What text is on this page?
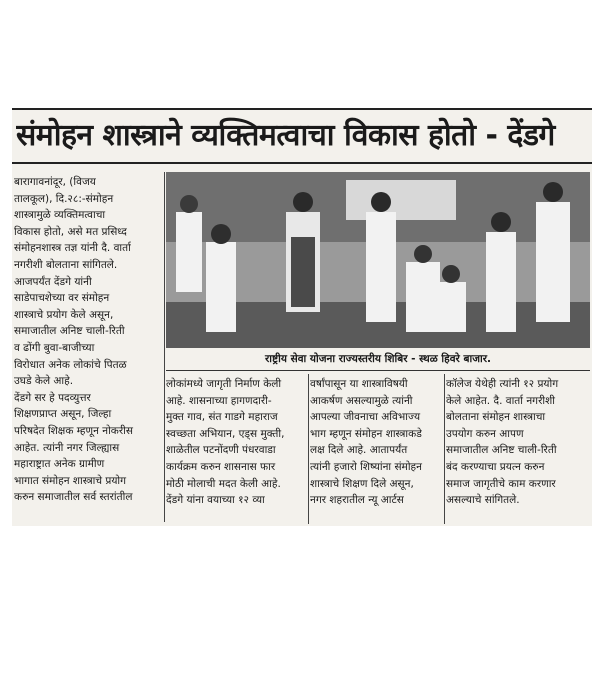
संमोहन शास्त्राने व्यक्तिमत्वाचा विकास होतो - देंडगे

बारागावनांदूर, (विजय

तालकूल), दि.२८:-संमोहन

शास्त्रामुळे व्यक्तिमत्वाचा

विकास होतो, असे मत प्रसिध्द

संमोहनशास्त्र तज्ञ यांनी दै. वार्ता

नगरीशी बोलताना सांगितले.

आजपर्यंत देंडगे यांनी

साडेपाचशेच्या वर संमोहन

शास्त्राचे प्रयोग केले असून,

समाजातील अनिष्ट चाली-रिती

व ढोंगी बुवा-बाजीच्या

विरोधात अनेक लोकांचे पितळ

उघडे केले आहे.

देंडगे सर हे पदव्युत्तर

शिक्षणप्राप्त असून, जिल्हा

परिषदेत शिक्षक म्हणून नोकरीस

आहेत. त्यांनी नगर जिल्ह्यास

महाराष्ट्रात अनेक ग्रामीण

भागात संमोहन शास्त्राचे प्रयोग

करुन समाजातील सर्व स्तरांतील

राष्ट्रीय सेवा योजना राज्यस्तरीय शिबिर - स्थळ हिवरे बाजार.

लोकांमध्ये जागृती निर्माण केली

आहे. शासनाच्या हागणदारी-

मुक्त गाव, संत गाडगे महाराज

स्वच्छता अभियान, एड्स मुक्ती,

शाळेतील पटनोंदणी पंधरवाडा

कार्यक्रम करुन शासनास फार

मोठी मोलाची मदत केली आहे.

देंडगे यांना वयाच्या १२ व्या

वर्षांपासून या शास्त्राविषयी

आकर्षण असल्यामुळे त्यांनी

आपल्या जीवनाचा अविभाज्य

भाग म्हणून संमोहन शास्त्राकडे

लक्ष दिले आहे. आतापर्यंत

त्यांनी हजारो शिष्यांना संमोहन

शास्त्राचे शिक्षण दिले असून,

नगर शहरातील न्यू आर्टस

कॉलेज येथेही त्यांनी १२ प्रयोग

केले आहेत. दै. वार्ता नगरीशी

बोलताना संमोहन शास्त्राचा

उपयोग करुन आपण

समाजातील अनिष्ट चाली-रिती

बंद करण्याचा प्रयत्न करुन

समाज जागृतीचे काम करणार

असल्याचे सांगितले.
